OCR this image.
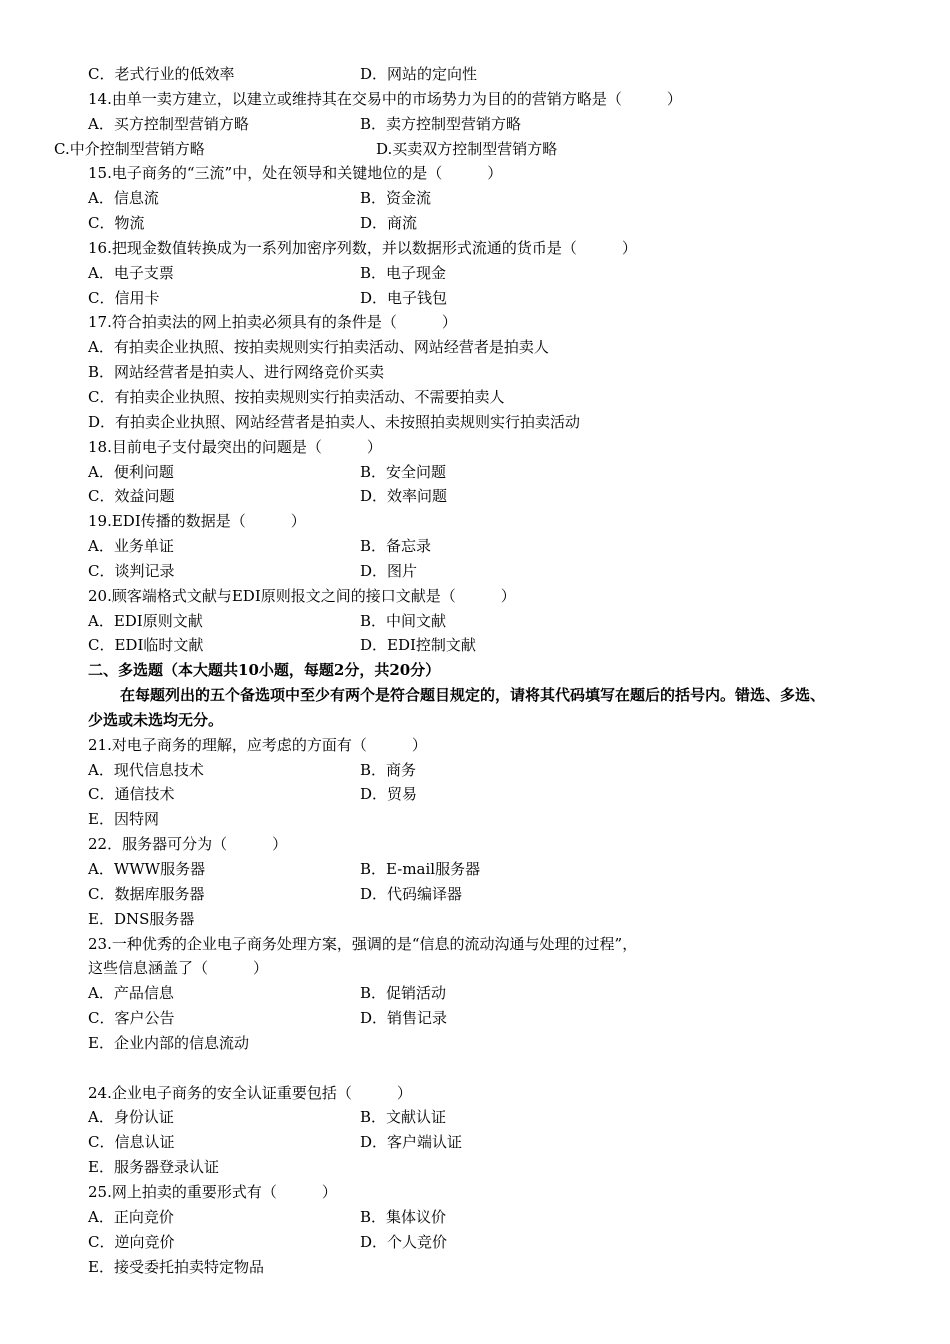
C．老式行业的低效率	D．网站的定向性
14.由单一卖方建立，以建立或维持其在交易中的市场势力为目的的营销方略是（　　　）
A．买方控制型营销方略	B．卖方控制型营销方略
C.中介控制型营销方略	D.买卖双方控制型营销方略
15.电子商务的“三流”中，处在领导和关键地位的是（　　　）
A．信息流	B．资金流
C．物流	D．商流
16.把现金数值转换成为一系列加密序列数，并以数据形式流通的货币是（　　　）
A．电子支票	B．电子现金
C．信用卡	D．电子钱包
17.符合拍卖法的网上拍卖必须具有的条件是（　　　）
A．有拍卖企业执照、按拍卖规则实行拍卖活动、网站经营者是拍卖人
B．网站经营者是拍卖人、进行网络竞价买卖
C．有拍卖企业执照、按拍卖规则实行拍卖活动、不需要拍卖人
D．有拍卖企业执照、网站经营者是拍卖人、未按照拍卖规则实行拍卖活动
18.目前电子支付最突出的问题是（　　　）
A．便利问题	B．安全问题
C．效益问题	D．效率问题
19.EDI传播的数据是（　　　）
A．业务单证	B．备忘录
C．谈判记录	D．图片
20.顾客端格式文献与EDI原则报文之间的接口文献是（　　　）
A．EDI原则文献	B．中间文献
C．EDI临时文献	D．EDI控制文献
二、多选题（本大题共10小题，每题2分，共20分）
在每题列出的五个备选项中至少有两个是符合题目规定的，请将其代码填写在题后的括号内。错选、多选、
少选或未选均无分。
21.对电子商务的理解，应考虑的方面有（　　　）
A．现代信息技术	B．商务
C．通信技术	D．贸易
E．因特网
22．服务器可分为（　　　）
A．WWW服务器	B．E-mail服务器
C．数据库服务器	D．代码编译器
E．DNS服务器
23.一种优秀的企业电子商务处理方案，强调的是“信息的流动沟通与处理的过程”，
这些信息涵盖了（　　　）
A．产品信息	B．促销活动
C．客户公告	D．销售记录
E．企业内部的信息流动
24.企业电子商务的安全认证重要包括（　　　）
A．身份认证	B．文献认证
C．信息认证	D．客户端认证
E．服务器登录认证
25.网上拍卖的重要形式有（　　　）
A．正向竞价	B．集体议价
C．逆向竞价	D．个人竞价
E．接受委托拍卖特定物品
